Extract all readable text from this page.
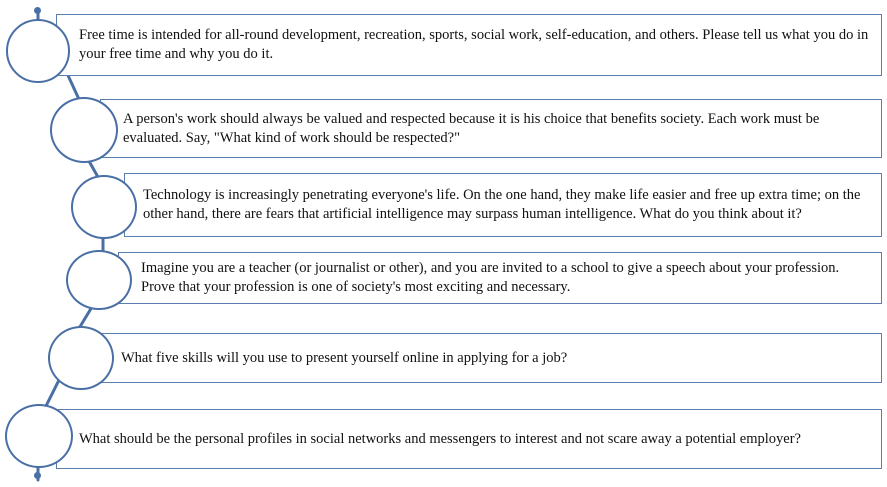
Free time is intended for all-round development, recreation, sports, social work, self-education, and others. Please tell us what you do in your free time and why you do it.
A person's work should always be valued and respected because it is his choice that benefits society. Each work must be evaluated. Say, "What kind of work should be respected?"
Technology is increasingly penetrating everyone's life. On the one hand, they make life easier and free up extra time; on the other hand, there are fears that artificial intelligence may surpass human intelligence. What do you think about it?
Imagine you are a teacher (or journalist or other), and you are invited to a school to give a speech about your profession. Prove that your profession is one of society's most exciting and necessary.
What five skills will you use to present yourself online in applying for a job?
What should be the personal profiles in social networks and messengers to interest and not scare away a potential employer?
